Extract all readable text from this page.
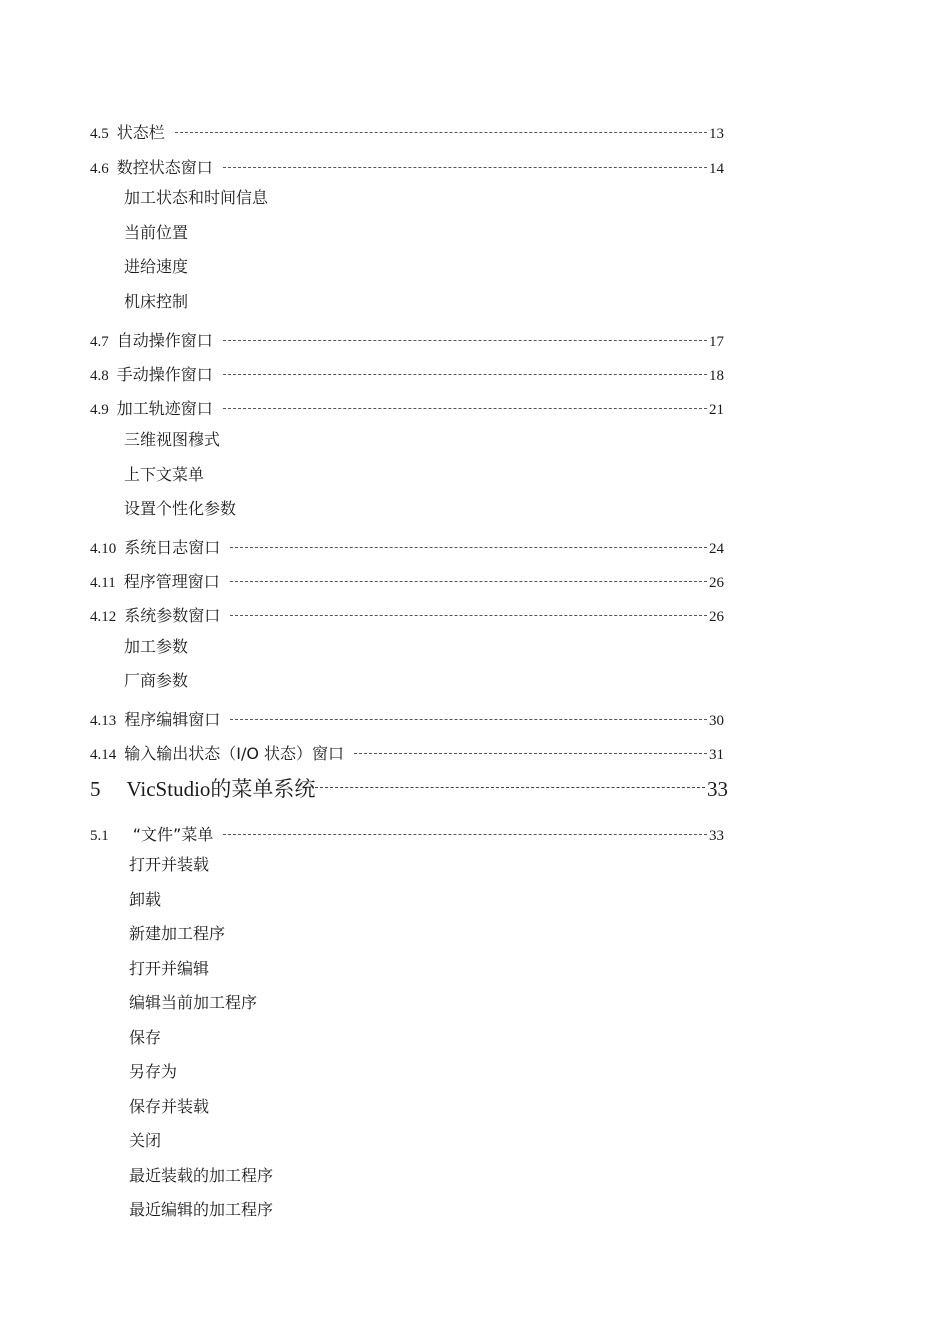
4.5 状态栏	13
4.6 数控状态窗口	14
加工状态和时间信息
当前位置
进给速度
机床控制
4.7 自动操作窗口	17
4.8 手动操作窗口	18
4.9 加工轨迹窗口	21
三维视图穆式
上下文菜单
设置个性化参数
4.10 系统日志窗口	24
4.11 程序管理窗口	26
4.12 系统参数窗口	26
加工参数
厂商参数
4.13 程序编辑窗口	30
4.14 输入输出状态（I/O 状态）窗口	31
5 VicStudio的菜单系统	33
5.1 “文件”菜单	33
打开并装载
卸载
新建加工程序
打开并编辑
编辑当前加工程序
保存
另存为
保存并装载
关闭
最近装载的加工程序
最近编辑的加工程序
